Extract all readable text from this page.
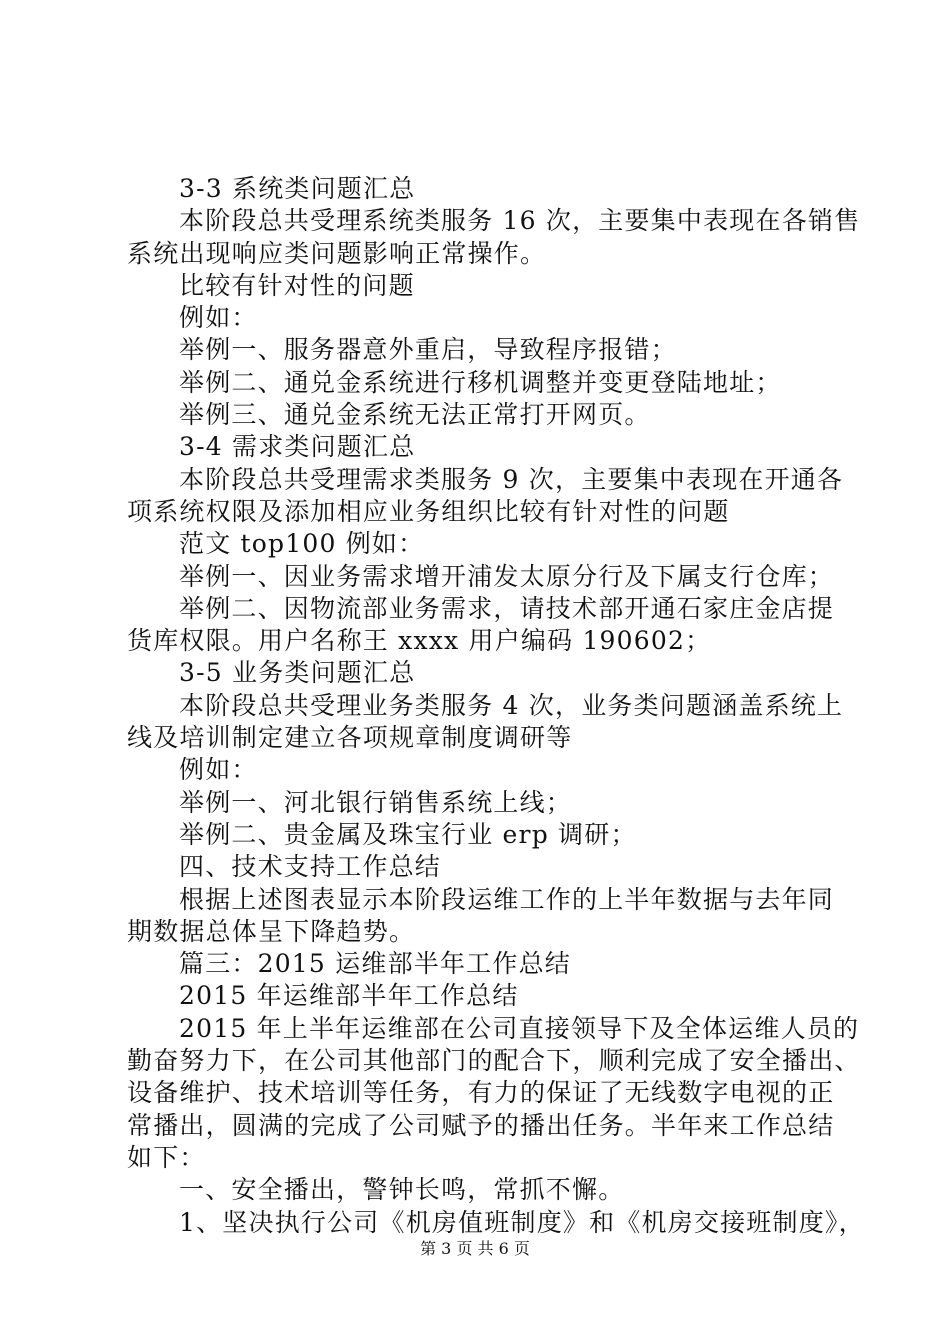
3-3 系统类问题汇总
本阶段总共受理系统类服务 16 次，主要集中表现在各销售
系统出现响应类问题影响正常操作。
比较有针对性的问题
例如：
举例一、服务器意外重启，导致程序报错；
举例二、通兑金系统进行移机调整并变更登陆地址；
举例三、通兑金系统无法正常打开网页。
3-4 需求类问题汇总
本阶段总共受理需求类服务 9 次，主要集中表现在开通各
项系统权限及添加相应业务组织比较有针对性的问题
范文 top100 例如：
举例一、因业务需求增开浦发太原分行及下属支行仓库；
举例二、因物流部业务需求，请技术部开通石家庄金店提
货库权限。用户名称王 xxxx 用户编码 190602；
3-5 业务类问题汇总
本阶段总共受理业务类服务 4 次，业务类问题涵盖系统上
线及培训制定建立各项规章制度调研等
例如：
举例一、河北银行销售系统上线；
举例二、贵金属及珠宝行业 erp 调研；
四、技术支持工作总结
根据上述图表显示本阶段运维工作的上半年数据与去年同
期数据总体呈下降趋势。
篇三：2015 运维部半年工作总结
2015 年运维部半年工作总结
2015 年上半年运维部在公司直接领导下及全体运维人员的
勤奋努力下，在公司其他部门的配合下，顺利完成了安全播出、
设备维护、技术培训等任务，有力的保证了无线数字电视的正
常播出，圆满的完成了公司赋予的播出任务。半年来工作总结
如下：
一、安全播出，警钟长鸣，常抓不懈。
1、坚决执行公司《机房值班制度》和《机房交接班制度》，
第 3 页 共 6 页
